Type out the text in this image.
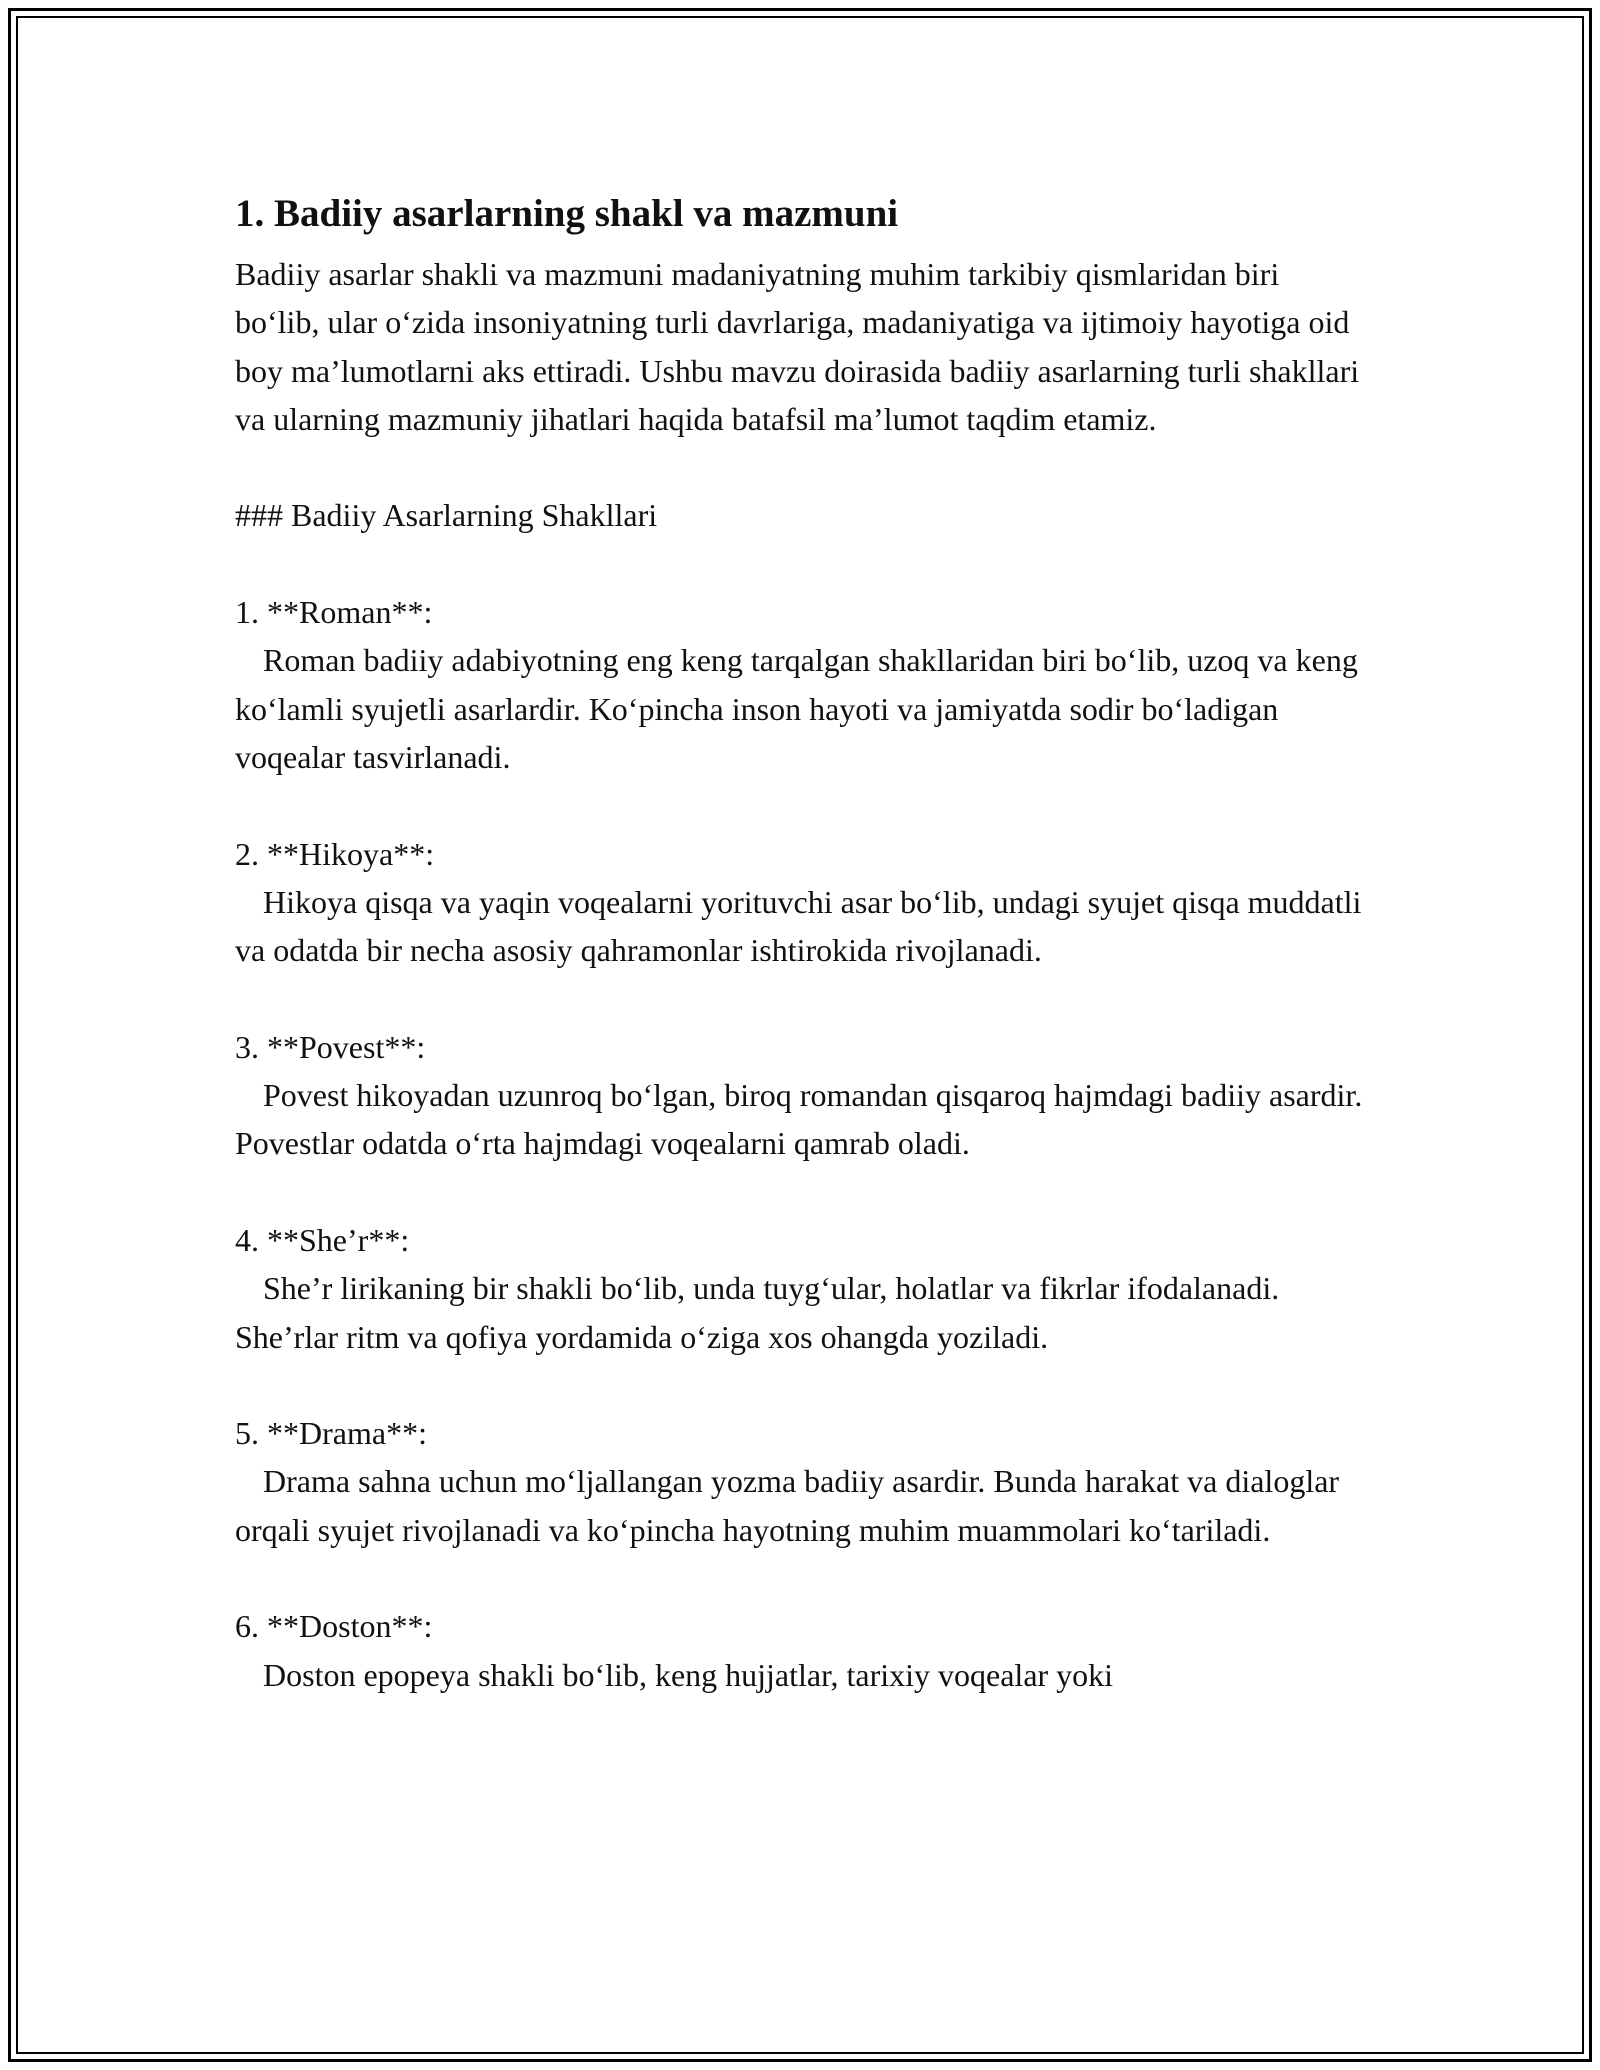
1. Badiiy asarlarning shakl va mazmuni

Badiiy asarlar shakli va mazmuni madaniyatning muhim tarkibiy qismlaridan biri bo‘lib, ular o‘zida insoniyatning turli davrlariga, madaniyatiga va ijtimoiy hayotiga oid boy ma’lumotlarni aks ettiradi. Ushbu mavzu doirasida badiiy asarlarning turli shakllari va ularning mazmuniy jihatlari haqida batafsil ma’lumot taqdim etamiz.

### Badiiy Asarlarning Shakllari
1. **Roman**:
Roman badiiy adabiyotning eng keng tarqalgan shakllaridan biri bo‘lib, uzoq va keng ko‘lamli syujetli asarlardir. Ko‘pincha inson hayoti va jamiyatda sodir bo‘ladigan voqealar tasvirlanadi.
2. **Hikoya**:
Hikoya qisqa va yaqin voqealarni yorituvchi asar bo‘lib, undagi syujet qisqa muddatli va odatda bir necha asosiy qahramonlar ishtirokida rivojlanadi.
3. **Povest**:
Povest hikoyadan uzunroq bo‘lgan, biroq romandan qisqaroq hajmdagi badiiy asardir. Povestlar odatda o‘rta hajmdagi voqealarni qamrab oladi.
4. **She’r**:
She’r lirikaning bir shakli bo‘lib, unda tuyg‘ular, holatlar va fikrlar ifodalanadi. She’rlar ritm va qofiya yordamida o‘ziga xos ohangda yoziladi.
5. **Drama**:
Drama sahna uchun mo‘ljallangan yozma badiiy asardir. Bunda harakat va dialoglar orqali syujet rivojlanadi va ko‘pincha hayotning muhim muammolari ko‘tariladi.
6. **Doston**:
Doston epopeya shakli bo‘lib, keng hujjatlar, tarixiy voqealar yoki
